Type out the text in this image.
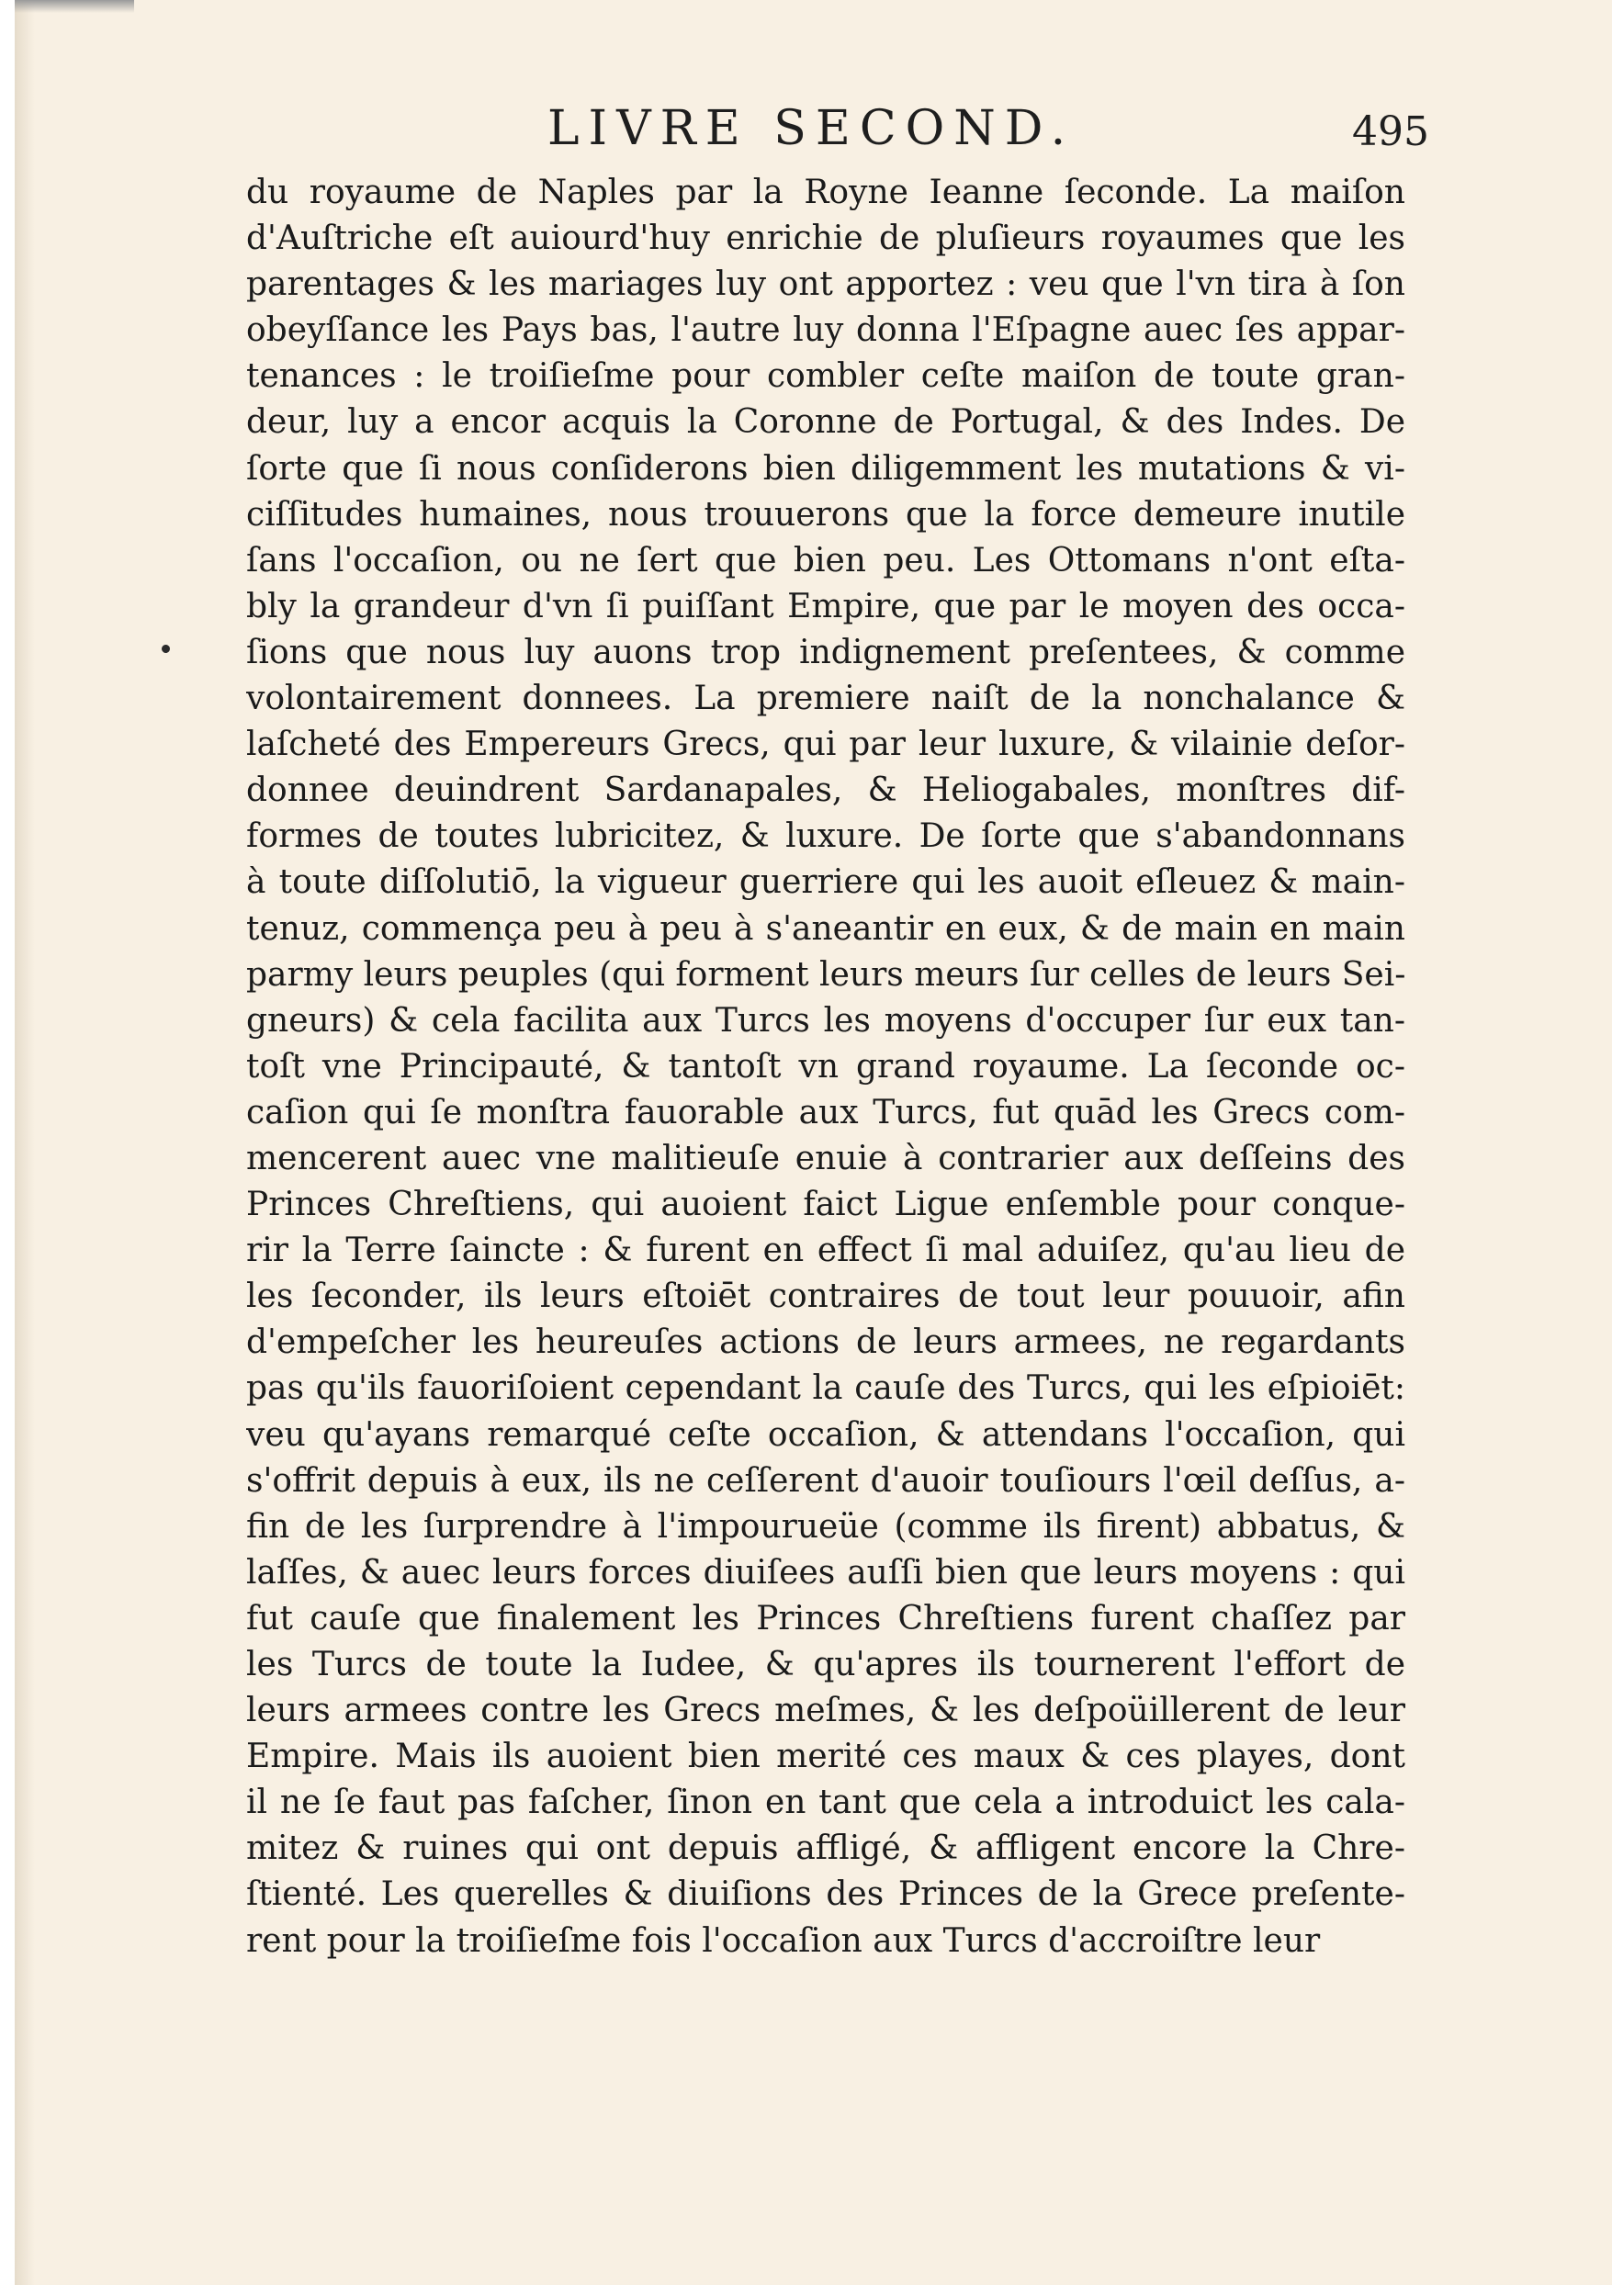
LIVRE SECOND.	495
du royaume de Naples par la Royne Ieanne ſeconde. La maiſon
d'Auſtriche eſt auiourd'huy enrichie de pluſieurs royaumes que les
parentages & les mariages luy ont apportez : veu que l'vn tira à ſon
obeyſſance les Pays bas, l'autre luy donna l'Eſpagne auec ſes appar-
tenances : le troiſieſme pour combler ceſte maiſon de toute gran-
deur, luy a encor acquis la Coronne de Portugal, & des Indes. De
ſorte que ſi nous conſiderons bien diligemment les mutations & vi-
ciſſitudes humaines, nous trouuerons que la force demeure inutile
ſans l'occaſion, ou ne ſert que bien peu. Les Ottomans n'ont eſta-
bly la grandeur d'vn ſi puiſſant Empire, que par le moyen des occa-
ſions que nous luy auons trop indignement preſentees, & comme
volontairement donnees. La premiere naiſt de la nonchalance &
laſcheté des Empereurs Grecs, qui par leur luxure, & vilainie deſor-
donnee deuindrent Sardanapales, & Heliogabales, monſtres dif-
formes de toutes lubricitez, & luxure. De ſorte que s'abandonnans
à toute diſſolutiō, la vigueur guerriere qui les auoit eſleuez & main-
tenuz, commença peu à peu à s'aneantir en eux, & de main en main
parmy leurs peuples (qui forment leurs meurs ſur celles de leurs Sei-
gneurs) & cela facilita aux Turcs les moyens d'occuper ſur eux tan-
toſt vne Principauté, & tantoſt vn grand royaume. La ſeconde oc-
caſion qui ſe monſtra fauorable aux Turcs, fut quād les Grecs com-
mencerent auec vne malitieuſe enuie à contrarier aux deſſeins des
Princes Chreſtiens, qui auoient faict Ligue enſemble pour conque-
rir la Terre ſaincte : & furent en effect ſi mal aduiſez, qu'au lieu de
les ſeconder, ils leurs eſtoiēt contraires de tout leur pouuoir, afin
d'empeſcher les heureuſes actions de leurs armees, ne regardants
pas qu'ils fauoriſoient cependant la cauſe des Turcs, qui les eſpioiēt:
veu qu'ayans remarqué ceſte occaſion, & attendans l'occaſion, qui
s'offrit depuis à eux, ils ne ceſſerent d'auoir touſiours l'œil deſſus, a-
fin de les ſurprendre à l'impourueüe (comme ils firent) abbatus, &
laſſes, & auec leurs forces diuiſees auſſi bien que leurs moyens : qui
fut cauſe que finalement les Princes Chreſtiens furent chaſſez par
les Turcs de toute la Iudee, & qu'apres ils tournerent l'effort de
leurs armees contre les Grecs meſmes, & les deſpoüillerent de leur
Empire. Mais ils auoient bien merité ces maux & ces playes, dont
il ne ſe faut pas faſcher, ſinon en tant que cela a introduict les cala-
mitez & ruines qui ont depuis affligé, & affligent encore la Chre-
ſtienté. Les querelles & diuiſions des Princes de la Grece preſente-
rent pour la troiſieſme fois l'occaſion aux Turcs d'accroiſtre leur
